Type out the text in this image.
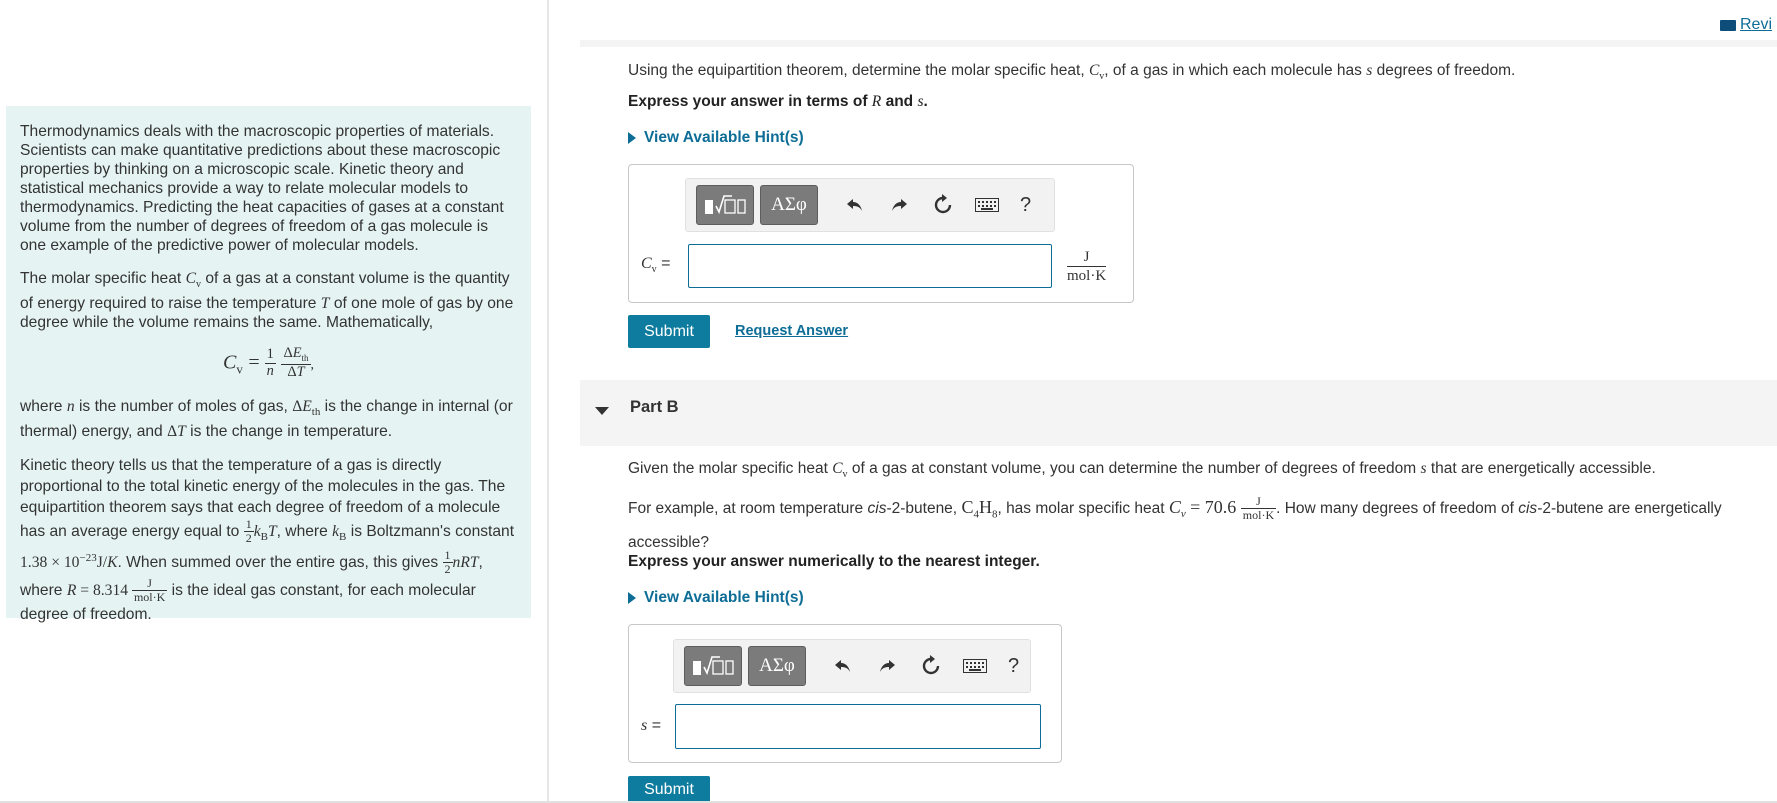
Thermodynamics deals with the macroscopic properties of materials. Scientists can make quantitative predictions about these macroscopic properties by thinking on a microscopic scale. Kinetic theory and statistical mechanics provide a way to relate molecular models to thermodynamics. Predicting the heat capacities of gases at a constant volume from the number of degrees of freedom of a gas molecule is one example of the predictive power of molecular models.

The molar specific heat $C_v$ of a gas at a constant volume is the quantity of energy required to raise the temperature T of one mole of gas by one degree while the volume remains the same. Mathematically,

$C_v = \frac{1}{n}$
$\frac{\Delta E_{th}}{\Delta T}$ ,

where n is the number of moles of gas, $\Delta E_{th}$ is the change in internal (or thermal) energy, and ΔT is the change in temperature.

Kinetic theory tells us that the temperature of a gas is directly proportional to the total kinetic energy of the molecules in the gas. The equipartition theorem says that each degree of freedom of a molecule has an average energy equal to $\frac{1}{2} k_BT$, where $k_B$ is Boltzmann's constant $1.38 \times 10^{-23}J/K$. When summed over the entire gas, this gives $\frac{1}{2}$ nRT, where $R = 8.314 \frac{J}{\text{mol·K}}$ is the ideal gas constant, for each molecular degree of freedom.

Revi
Using the equipartition theorem, determine the molar specific heat, $C_v$, of a gas in which each molecule has s degrees of freedom.
Express your answer in terms of R and s.
View Available Hint(s)
ΑΣφ	?
$C_v$ =	J
mol·K
Submit	Request Answer
Part B
Given the molar specific heat $C_v$ of a gas at constant volume, you can determine the number of degrees of freedom s that are energetically accessible.
For example, at room temperature cis-2-butene, $C_4H_8$, has molar specific heat $C_v = 70.6 \frac{J}{\text{mol·K}}$ . How many degrees of freedom of cis-2-butene are energetically accessible?
Express your answer numerically to the nearest integer.
View Available Hint(s)
ΑΣφ	?
s =
Submit
